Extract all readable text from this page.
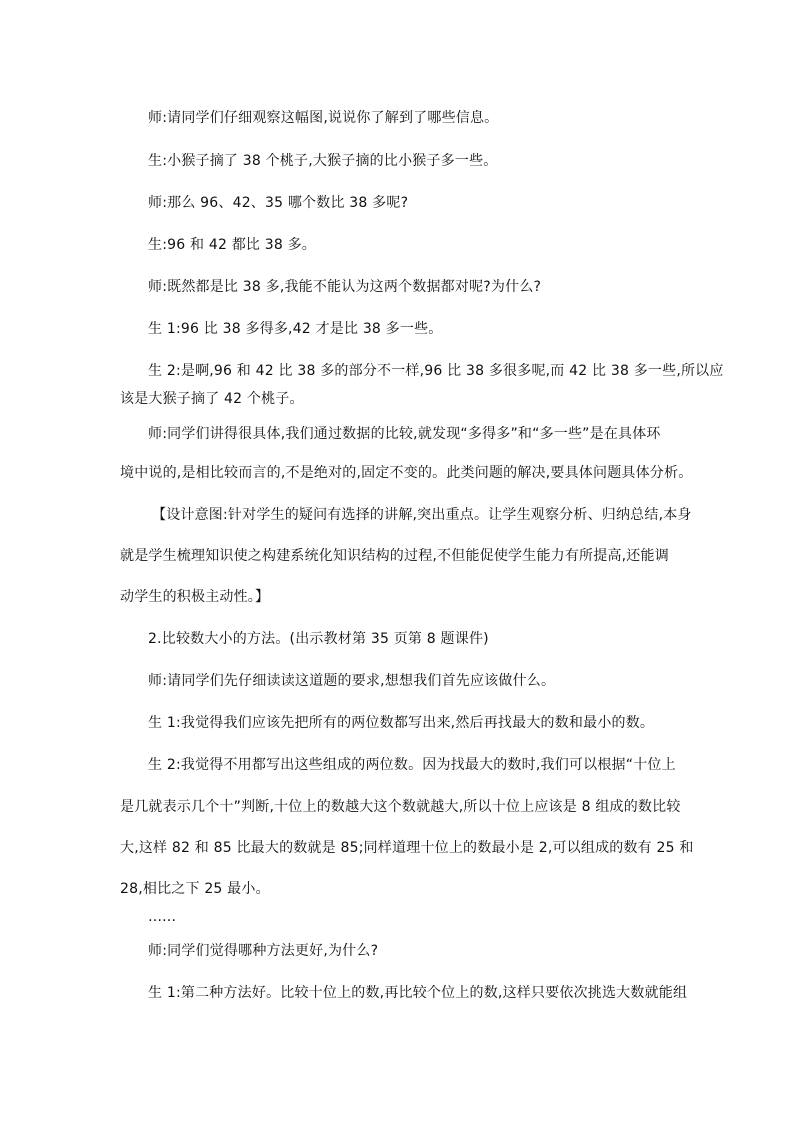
师:请同学们仔细观察这幅图,说说你了解到了哪些信息。
生:小猴子摘了 38 个桃子,大猴子摘的比小猴子多一些。
师:那么 96、42、35 哪个数比 38 多呢?
生:96 和 42 都比 38 多。
师:既然都是比 38 多,我能不能认为这两个数据都对呢?为什么?
生 1:96 比 38 多得多,42 才是比 38 多一些。
生 2:是啊,96 和 42 比 38 多的部分不一样,96 比 38 多很多呢,而 42 比 38 多一些,所以应
该是大猴子摘了 42 个桃子。
师:同学们讲得很具体,我们通过数据的比较,就发现“多得多”和“多一些”是在具体环
境中说的,是相比较而言的,不是绝对的,固定不变的。此类问题的解决,要具体问题具体分析。
【设计意图:针对学生的疑问有选择的讲解,突出重点。让学生观察分析、归纳总结,本身
就是学生梳理知识使之构建系统化知识结构的过程,不但能促使学生能力有所提高,还能调
动学生的积极主动性。】
2.比较数大小的方法。(出示教材第 35 页第 8 题课件)
师:请同学们先仔细读读这道题的要求,想想我们首先应该做什么。
生 1:我觉得我们应该先把所有的两位数都写出来,然后再找最大的数和最小的数。
生 2:我觉得不用都写出这些组成的两位数。因为找最大的数时,我们可以根据“十位上
是几就表示几个十”判断,十位上的数越大这个数就越大,所以十位上应该是 8 组成的数比较
大,这样 82 和 85 比最大的数就是 85;同样道理十位上的数最小是 2,可以组成的数有 25 和
28,相比之下 25 最小。
……
师:同学们觉得哪种方法更好,为什么?
生 1:第二种方法好。比较十位上的数,再比较个位上的数,这样只要依次挑选大数就能组
